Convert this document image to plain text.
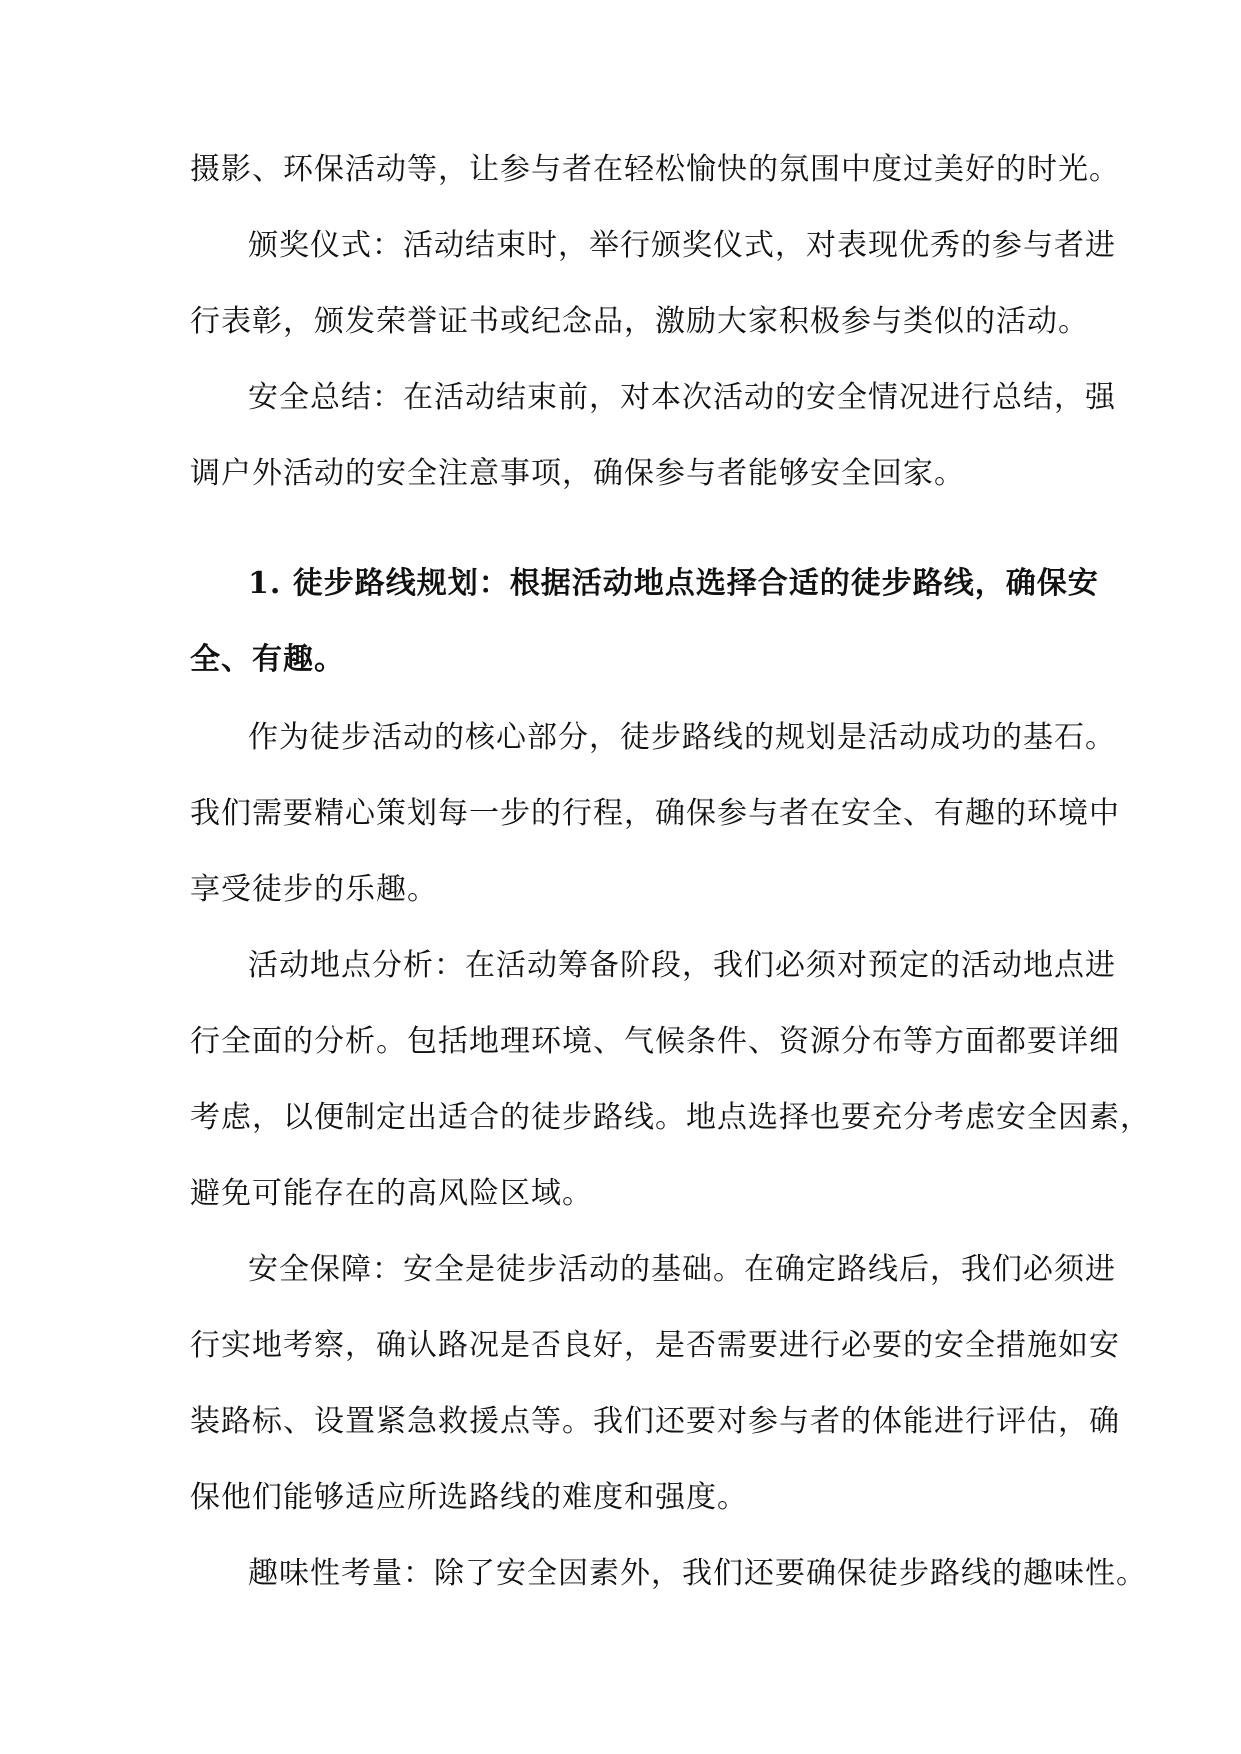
摄影、环保活动等，让参与者在轻松愉快的氛围中度过美好的时光。
颁奖仪式：活动结束时，举行颁奖仪式，对表现优秀的参与者进
行表彰，颁发荣誉证书或纪念品，激励大家积极参与类似的活动。
安全总结：在活动结束前，对本次活动的安全情况进行总结，强
调户外活动的安全注意事项，确保参与者能够安全回家。
1. 徒步路线规划：根据活动地点选择合适的徒步路线，确保安
全、有趣。
作为徒步活动的核心部分，徒步路线的规划是活动成功的基石。
我们需要精心策划每一步的行程，确保参与者在安全、有趣的环境中
享受徒步的乐趣。
活动地点分析：在活动筹备阶段，我们必须对预定的活动地点进
行全面的分析。包括地理环境、气候条件、资源分布等方面都要详细
考虑，以便制定出适合的徒步路线。地点选择也要充分考虑安全因素，
避免可能存在的高风险区域。
安全保障：安全是徒步活动的基础。在确定路线后，我们必须进
行实地考察，确认路况是否良好，是否需要进行必要的安全措施如安
装路标、设置紧急救援点等。我们还要对参与者的体能进行评估，确
保他们能够适应所选路线的难度和强度。
趣味性考量：除了安全因素外，我们还要确保徒步路线的趣味性。
